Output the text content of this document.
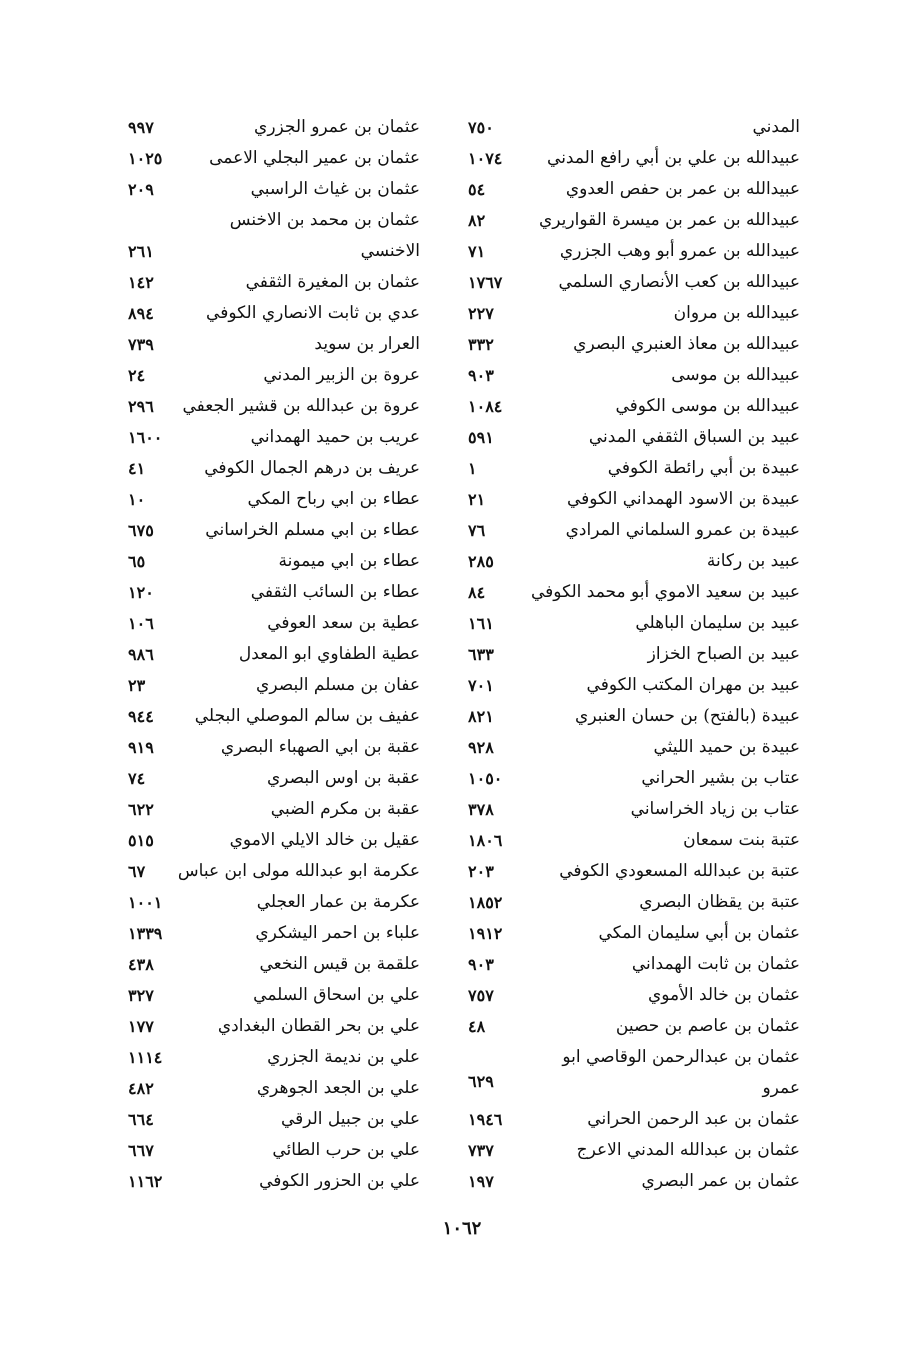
المدني
٧٥٠
عبيدالله بن علي بن أبي رافع المدني
١٠٧٤
عبيدالله بن عمر بن حفص العدوي
٥٤
عبيدالله بن عمر بن ميسرة القواريري
٨٢
عبيدالله بن عمرو أبو وهب الجزري
٧١
عبيدالله بن كعب الأنصاري السلمي
١٧٦٧
عبيدالله بن مروان
٢٢٧
عبيدالله بن معاذ العنبري البصري
٣٣٢
عبيدالله بن موسى
٩٠٣
عبيدالله بن موسى الكوفي
١٠٨٤
عبيد بن السباق الثقفي المدني
٥٩١
عبيدة بن أبي رائطة الكوفي
١
عبيدة بن الاسود الهمداني الكوفي
٢١
عبيدة بن عمرو السلماني المرادي
٧٦
عبيد بن ركانة
٢٨٥
عبيد بن سعيد الاموي أبو محمد الكوفي
٨٤
عبيد بن سليمان الباهلي
١٦١
عبيد بن الصباح الخزاز
٦٣٣
عبيد بن مهران المكتب الكوفي
٧٠١
عبيدة (بالفتح) بن حسان العنبري
٨٢١
عبيدة بن حميد الليثي
٩٢٨
عتاب بن بشير الحراني
١٠٥٠
عتاب بن زياد الخراساني
٣٧٨
عتبة بنت سمعان
١٨٠٦
عتبة بن عبدالله المسعودي الكوفي
٢٠٣
عتبة بن يقظان البصري
١٨٥٢
عثمان بن أبي سليمان المكي
١٩١٢
عثمان بن ثابت الهمداني
٩٠٣
عثمان بن خالد الأموي
٧٥٧
عثمان بن عاصم بن حصين
٤٨
عثمان بن عبدالرحمن الوقاصي ابو
عمرو
٦٢٩
عثمان بن عبد الرحمن الحراني
١٩٤٦
عثمان بن عبدالله المدني الاعرج
٧٣٧
عثمان بن عمر البصري
١٩٧
عثمان بن عمرو الجزري
٩٩٧
عثمان بن عمير البجلي الاعمى
١٠٢٥
عثمان بن غياث الراسبي
٢٠٩
عثمان بن محمد بن الاخنس
الاخنسي
٢٦١
عثمان بن المغيرة الثقفي
١٤٢
عدي بن ثابت الانصاري الكوفي
٨٩٤
العرار بن سويد
٧٣٩
عروة بن الزبير المدني
٢٤
عروة بن عبدالله بن قشير الجعفي
٢٩٦
عريب بن حميد الهمداني
١٦٠٠
عريف بن درهم الجمال الكوفي
٤١
عطاء بن ابي رباح المكي
١٠
عطاء بن ابي مسلم الخراساني
٦٧٥
عطاء بن ابي ميمونة
٦٥
عطاء بن السائب الثقفي
١٢٠
عطية بن سعد العوفي
١٠٦
عطية الطفاوي ابو المعدل
٩٨٦
عفان بن مسلم البصري
٢٣
عفيف بن سالم الموصلي البجلي
٩٤٤
عقبة بن ابي الصهباء البصري
٩١٩
عقبة بن اوس البصري
٧٤
عقبة بن مكرم الضبي
٦٢٢
عقيل بن خالد الايلي الاموي
٥١٥
عكرمة ابو عبدالله مولى ابن عباس
٦٧
عكرمة بن عمار العجلي
١٠٠١
علباء بن احمر اليشكري
١٣٣٩
علقمة بن قيس النخعي
٤٣٨
علي بن اسحاق السلمي
٣٢٧
علي بن بحر القطان البغدادي
١٧٧
علي بن نديمة الجزري
١١١٤
علي بن الجعد الجوهري
٤٨٢
علي بن جبيل الرقي
٦٦٤
علي بن حرب الطائي
٦٦٧
علي بن الحزور الكوفي
١١٦٢
١٠٦٢
